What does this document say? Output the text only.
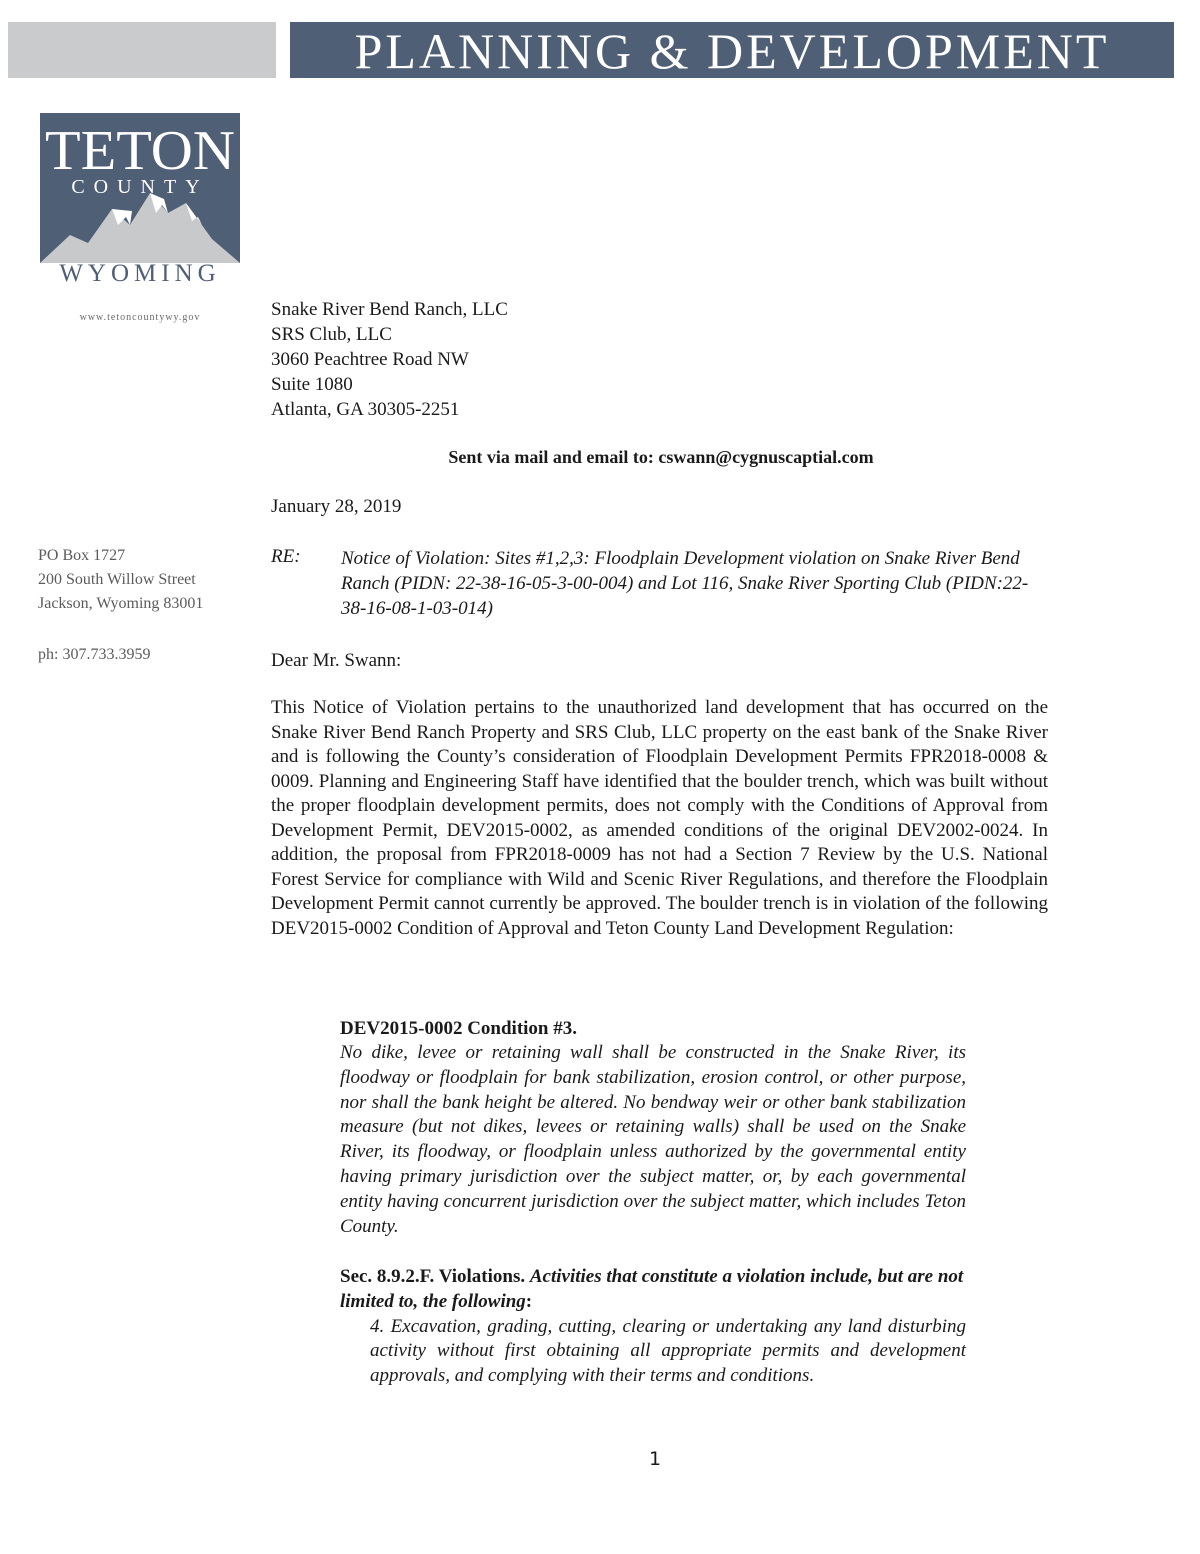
PLANNING & DEVELOPMENT
TETON
COUNTY
WYOMING
www.tetoncountywy.gov
PO Box 1727
200 South Willow Street
Jackson, Wyoming 83001
ph: 307.733.3959
Snake River Bend Ranch, LLC
SRS Club, LLC
3060 Peachtree Road NW
Suite 1080
Atlanta, GA 30305-2251
Sent via mail and email to: cswann@cygnuscaptial.com
January 28, 2019
RE: Notice of Violation: Sites #1,2,3: Floodplain Development violation on Snake River Bend Ranch (PIDN: 22-38-16-05-3-00-004) and Lot 116, Snake River Sporting Club (PIDN:22-38-16-08-1-03-014)
Dear Mr. Swann:
This Notice of Violation pertains to the unauthorized land development that has occurred on the Snake River Bend Ranch Property and SRS Club, LLC property on the east bank of the Snake River and is following the County’s consideration of Floodplain Development Permits FPR2018-0008 & 0009. Planning and Engineering Staff have identified that the boulder trench, which was built without the proper floodplain development permits, does not comply with the Conditions of Approval from Development Permit, DEV2015-0002, as amended conditions of the original DEV2002-0024. In addition, the proposal from FPR2018-0009 has not had a Section 7 Review by the U.S. National Forest Service for compliance with Wild and Scenic River Regulations, and therefore the Floodplain Development Permit cannot currently be approved. The boulder trench is in violation of the following DEV2015-0002 Condition of Approval and Teton County Land Development Regulation:
DEV2015-0002 Condition #3.
No dike, levee or retaining wall shall be constructed in the Snake River, its floodway or floodplain for bank stabilization, erosion control, or other purpose, nor shall the bank height be altered. No bendway weir or other bank stabilization measure (but not dikes, levees or retaining walls) shall be used on the Snake River, its floodway, or floodplain unless authorized by the governmental entity having primary jurisdiction over the subject matter, or, by each governmental entity having concurrent jurisdiction over the subject matter, which includes Teton County.
Sec. 8.9.2.F. Violations. Activities that constitute a violation include, but are not limited to, the following:
4. Excavation, grading, cutting, clearing or undertaking any land disturbing activity without first obtaining all appropriate permits and development approvals, and complying with their terms and conditions.
1
